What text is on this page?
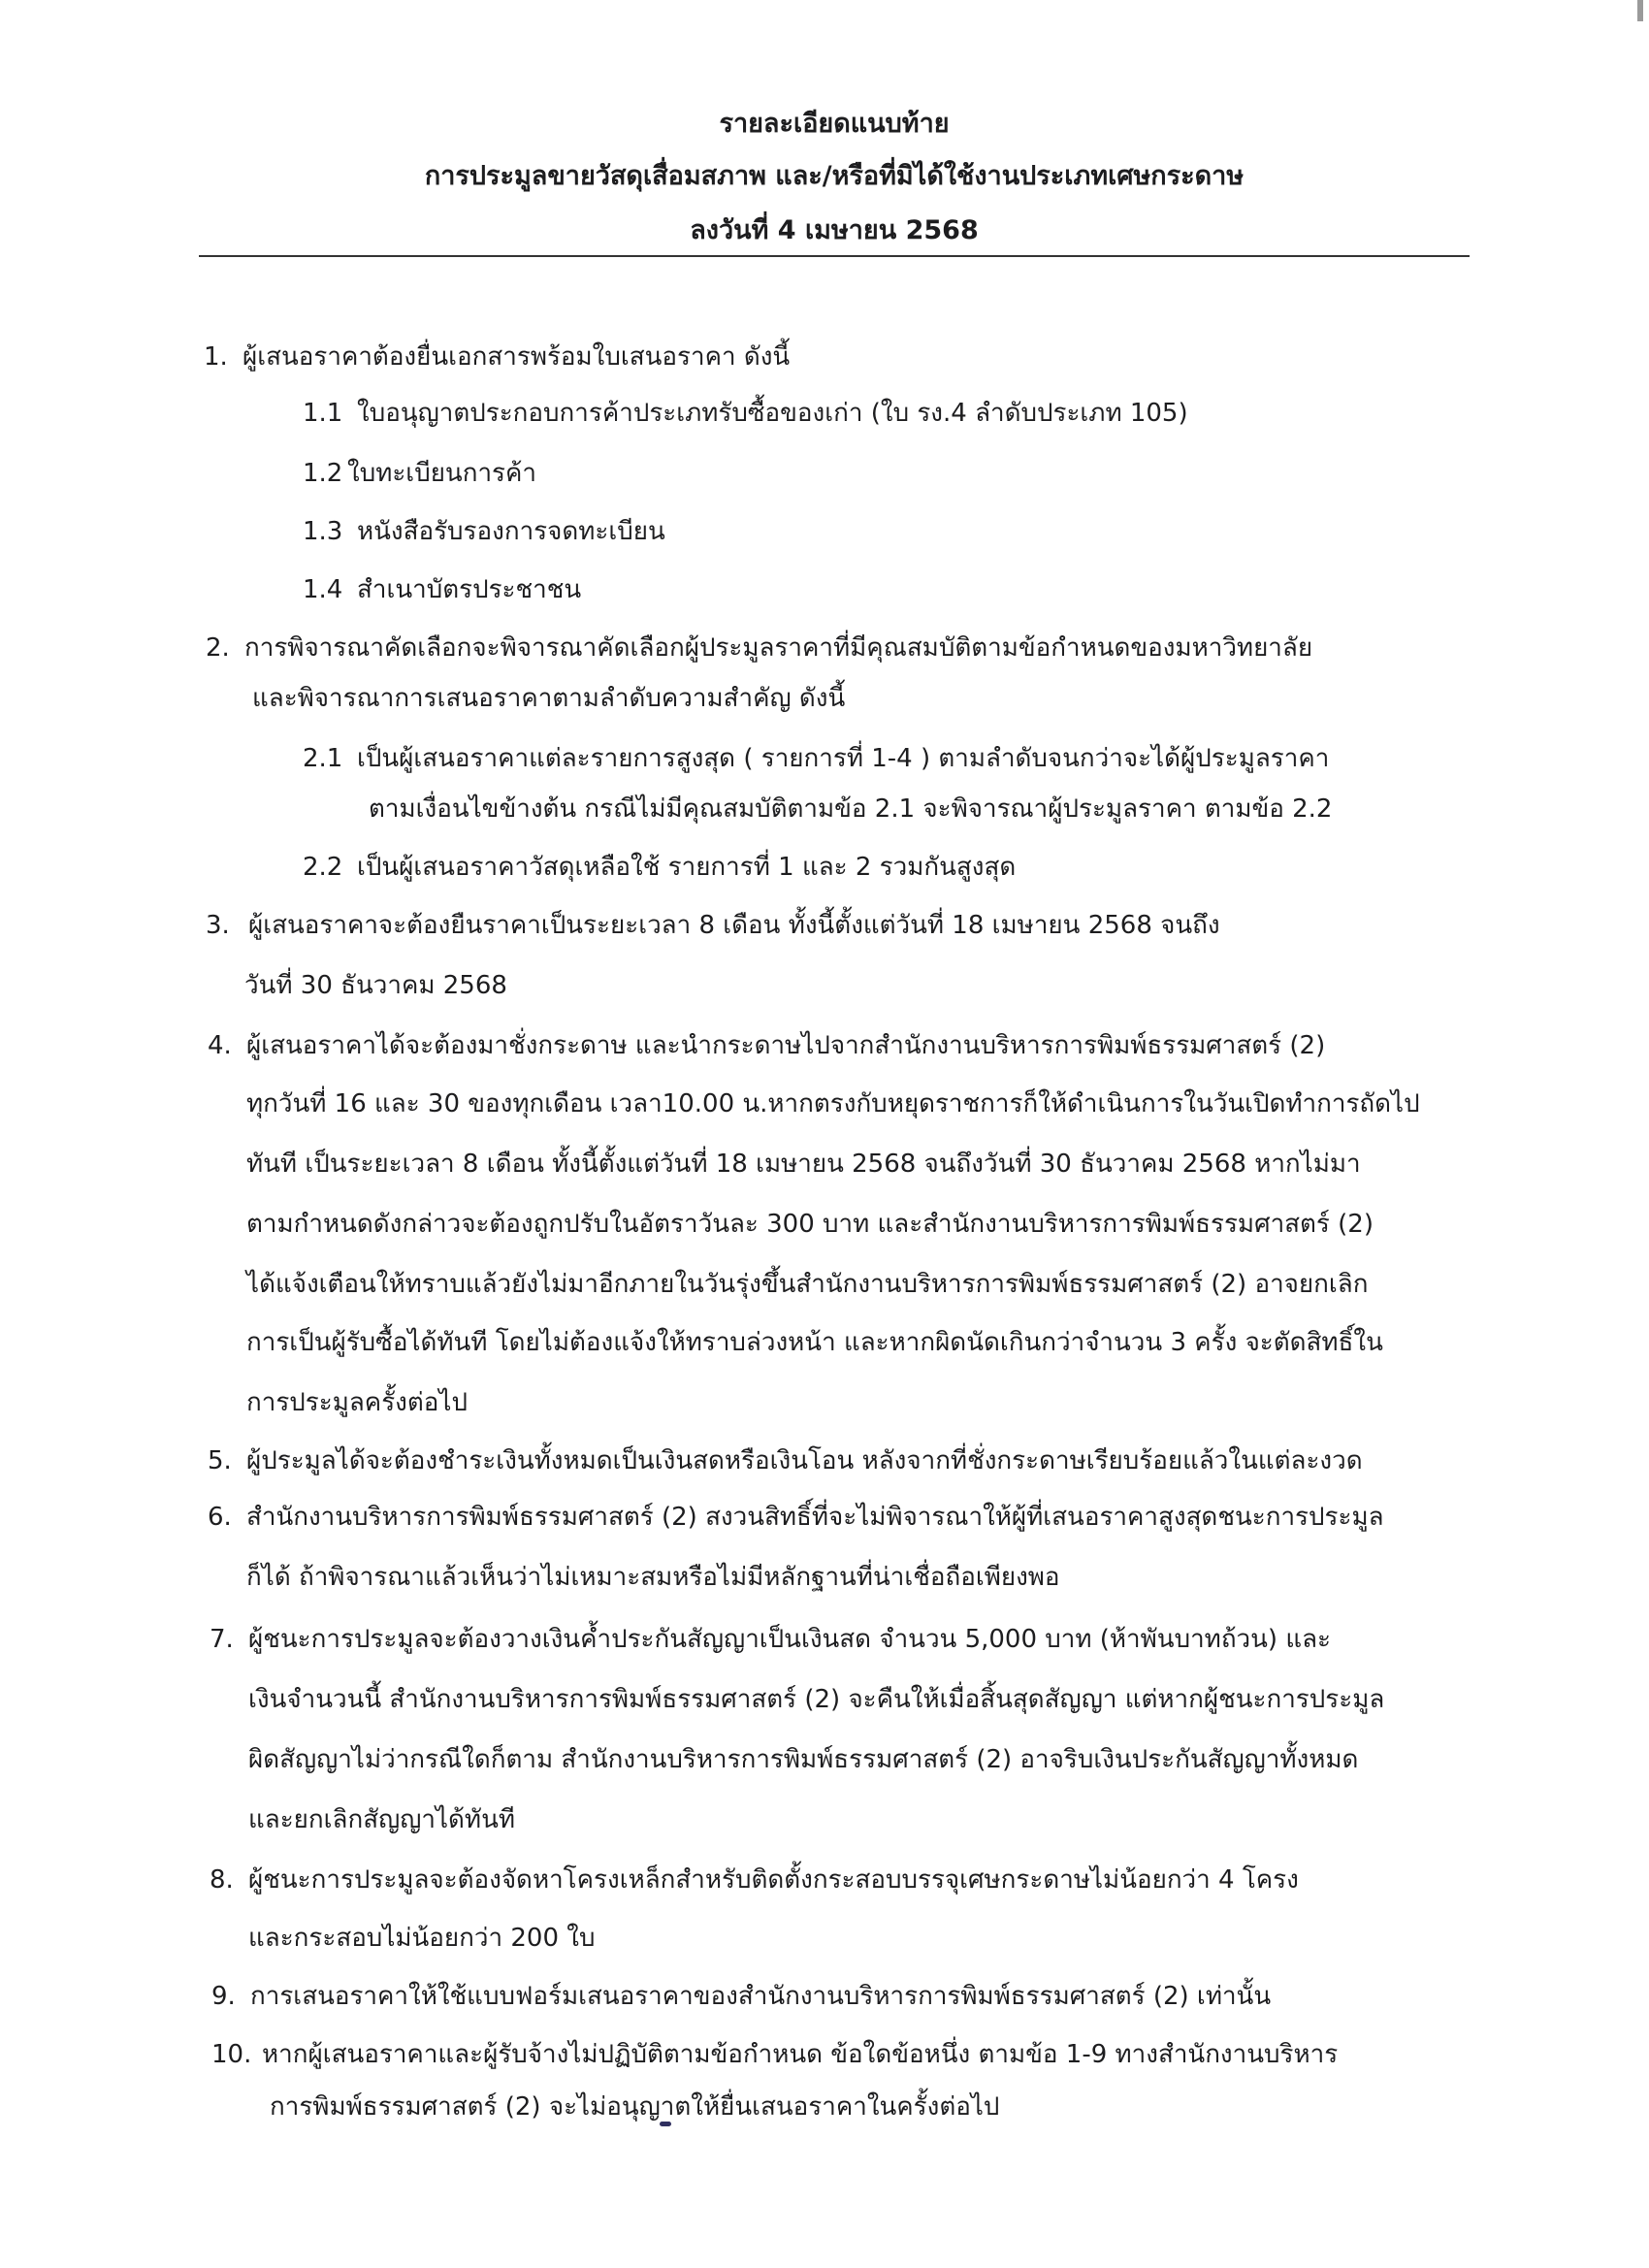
รายละเอียดแนบท้าย
การประมูลขายวัสดุเสื่อมสภาพ และ/หรือที่มิได้ใช้งานประเภทเศษกระดาษ
ลงวันที่ 4 เมษายน 2568
1. ผู้เสนอราคาต้องยื่นเอกสารพร้อมใบเสนอราคา ดังนี้
1.1 ใบอนุญาตประกอบการค้าประเภทรับซื้อของเก่า (ใบ รง.4 ลำดับประเภท 105)
1.2 ใบทะเบียนการค้า
1.3 หนังสือรับรองการจดทะเบียน
1.4 สำเนาบัตรประชาชน
2. การพิจารณาคัดเลือกจะพิจารณาคัดเลือกผู้ประมูลราคาที่มีคุณสมบัติตามข้อกำหนดของมหาวิทยาลัย
และพิจารณาการเสนอราคาตามลำดับความสำคัญ ดังนี้
2.1 เป็นผู้เสนอราคาแต่ละรายการสูงสุด ( รายการที่ 1-4 ) ตามลำดับจนกว่าจะได้ผู้ประมูลราคา
ตามเงื่อนไขข้างต้น กรณีไม่มีคุณสมบัติตามข้อ 2.1 จะพิจารณาผู้ประมูลราคา ตามข้อ 2.2
2.2 เป็นผู้เสนอราคาวัสดุเหลือใช้ รายการที่ 1 และ 2 รวมกันสูงสุด
3. ผู้เสนอราคาจะต้องยืนราคาเป็นระยะเวลา 8 เดือน ทั้งนี้ตั้งแต่วันที่ 18 เมษายน 2568 จนถึง
วันที่ 30 ธันวาคม 2568
4. ผู้เสนอราคาได้จะต้องมาชั่งกระดาษ และนำกระดาษไปจากสำนักงานบริหารการพิมพ์ธรรมศาสตร์ (2)
ทุกวันที่ 16 และ 30 ของทุกเดือน เวลา10.00 น.หากตรงกับหยุดราชการก็ให้ดำเนินการในวันเปิดทำการถัดไป
ทันที เป็นระยะเวลา 8 เดือน ทั้งนี้ตั้งแต่วันที่ 18 เมษายน 2568 จนถึงวันที่ 30 ธันวาคม 2568 หากไม่มา
ตามกำหนดดังกล่าวจะต้องถูกปรับในอัตราวันละ 300 บาท และสำนักงานบริหารการพิมพ์ธรรมศาสตร์ (2)
ได้แจ้งเตือนให้ทราบแล้วยังไม่มาอีกภายในวันรุ่งขึ้นสำนักงานบริหารการพิมพ์ธรรมศาสตร์ (2) อาจยกเลิก
การเป็นผู้รับซื้อได้ทันที โดยไม่ต้องแจ้งให้ทราบล่วงหน้า และหากผิดนัดเกินกว่าจำนวน 3 ครั้ง จะตัดสิทธิ์ใน
การประมูลครั้งต่อไป
5. ผู้ประมูลได้จะต้องชำระเงินทั้งหมดเป็นเงินสดหรือเงินโอน หลังจากที่ชั่งกระดาษเรียบร้อยแล้วในแต่ละงวด
6. สำนักงานบริหารการพิมพ์ธรรมศาสตร์ (2) สงวนสิทธิ์ที่จะไม่พิจารณาให้ผู้ที่เสนอราคาสูงสุดชนะการประมูล
ก็ได้ ถ้าพิจารณาแล้วเห็นว่าไม่เหมาะสมหรือไม่มีหลักฐานที่น่าเชื่อถือเพียงพอ
7. ผู้ชนะการประมูลจะต้องวางเงินค้ำประกันสัญญาเป็นเงินสด จำนวน 5,000 บาท (ห้าพันบาทถ้วน) และ
เงินจำนวนนี้ สำนักงานบริหารการพิมพ์ธรรมศาสตร์ (2) จะคืนให้เมื่อสิ้นสุดสัญญา แต่หากผู้ชนะการประมูล
ผิดสัญญาไม่ว่ากรณีใดก็ตาม สำนักงานบริหารการพิมพ์ธรรมศาสตร์ (2) อาจริบเงินประกันสัญญาทั้งหมด
และยกเลิกสัญญาได้ทันที
8. ผู้ชนะการประมูลจะต้องจัดหาโครงเหล็กสำหรับติดตั้งกระสอบบรรจุเศษกระดาษไม่น้อยกว่า 4 โครง
และกระสอบไม่น้อยกว่า 200 ใบ
9. การเสนอราคาให้ใช้แบบฟอร์มเสนอราคาของสำนักงานบริหารการพิมพ์ธรรมศาสตร์ (2) เท่านั้น
10. หากผู้เสนอราคาและผู้รับจ้างไม่ปฏิบัติตามข้อกำหนด ข้อใดข้อหนึ่ง ตามข้อ 1-9 ทางสำนักงานบริหาร
การพิมพ์ธรรมศาสตร์ (2) จะไม่อนุญาตให้ยื่นเสนอราคาในครั้งต่อไป
